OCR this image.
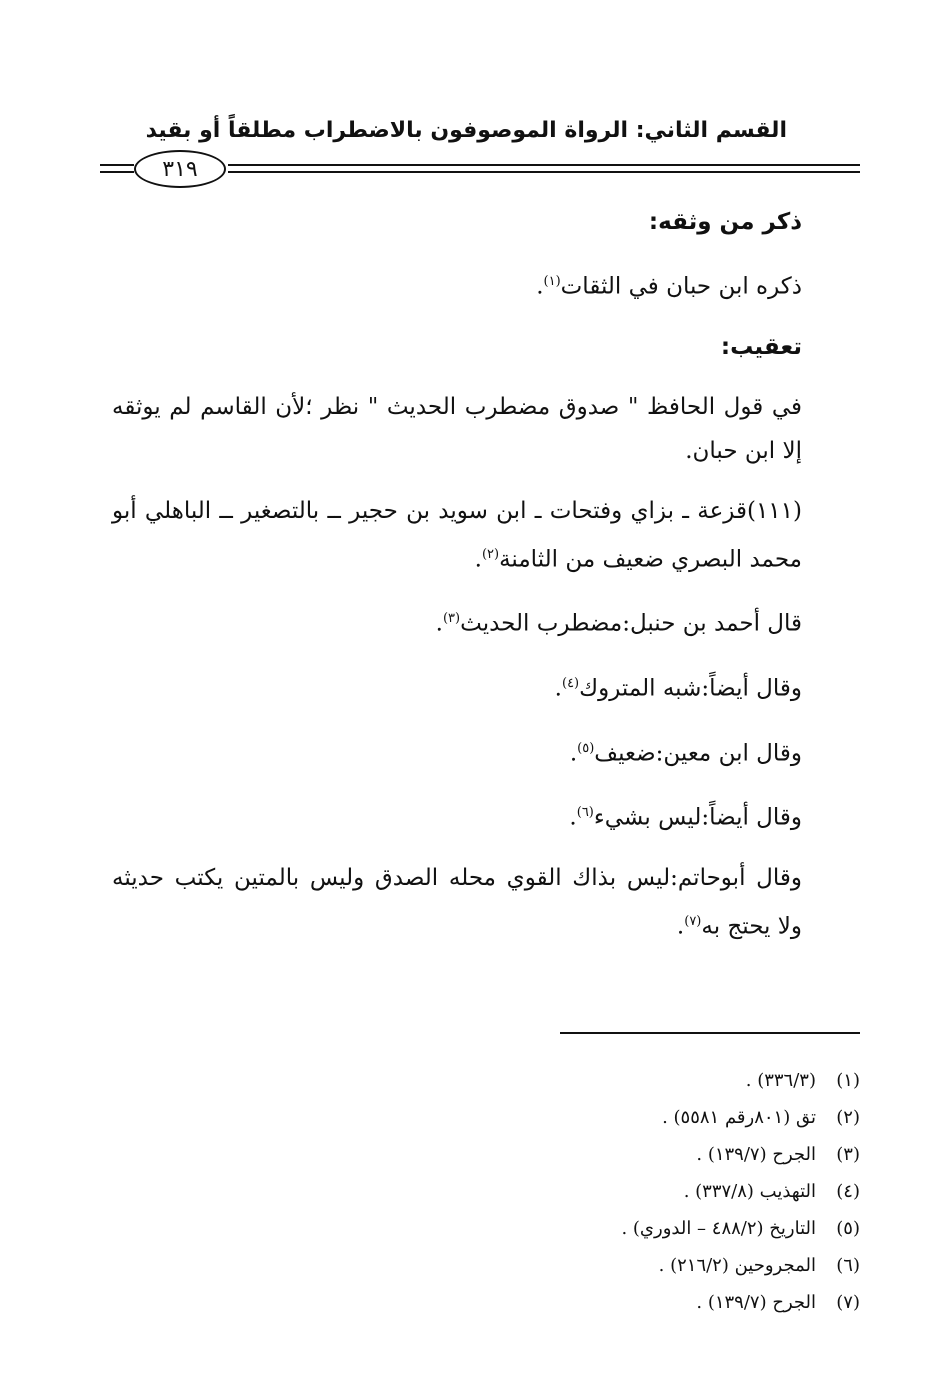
القسم الثاني: الرواة الموصوفون بالاضطراب مطلقاً أو بقيد
٣١٩
ذكر من وثقه:

ذكره ابن حبان في الثقات$^{(١)}$.

تعقيب:

في قول الحافظ " صدوق مضطرب الحديث " نظر ؛لأن القاسم لم يوثقه إلا ابن حبان.

(١١١)قزعة ـ بزاي وفتحات ـ ابن سويد بن حجير ــ بالتصغير ــ الباهلي أبو محمد البصري ضعيف من الثامنة$^{(٢)}$.

قال أحمد بن حنبل:مضطرب الحديث$^{(٣)}$.

وقال أيضاً:شبه المتروك$^{(٤)}$.

وقال ابن معين:ضعيف$^{(٥)}$.

وقال أيضاً:ليس بشيء$^{(٦)}$.

وقال أبوحاتم:ليس بذاك القوي محله الصدق وليس بالمتين يكتب حديثه ولا يحتج به$^{(٧)}$.

(١)(٣٣٦/٣) .
(٢)تق (٨٠١رقم ٥٥٨١) .
(٣)الجرح (١٣٩/٧) .
(٤)التهذيب (٣٣٧/٨) .
(٥)التاريخ (٤٨٨/٢ – الدوري) .
(٦)المجروحين (٢١٦/٢) .
(٧)الجرح (١٣٩/٧) .
